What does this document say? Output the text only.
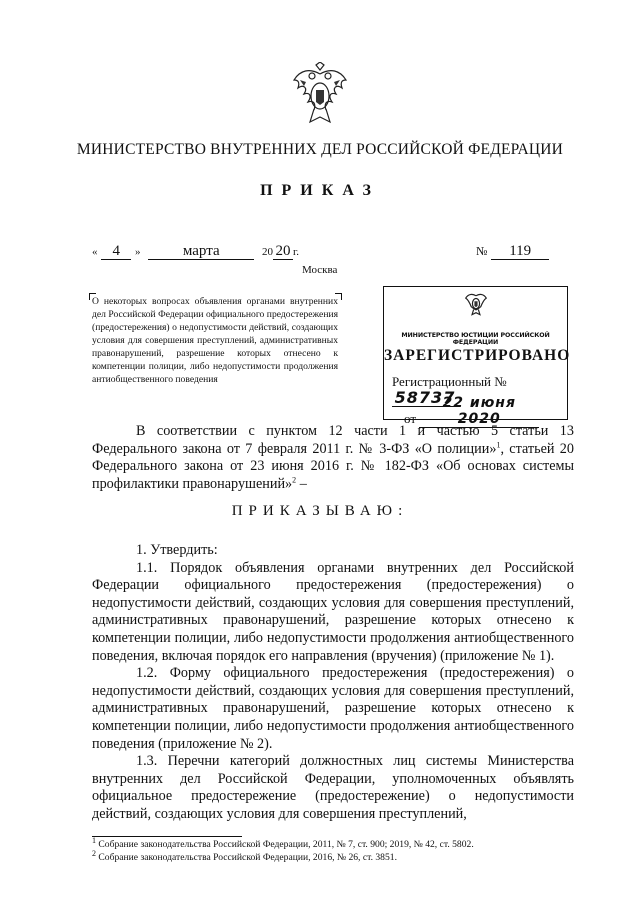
МИНИСТЕРСТВО ВНУТРЕННИХ ДЕЛ РОССИЙСКОЙ ФЕДЕРАЦИИ
ПРИКАЗ
« 4 »	марта	20 20 г.	№ 119
Москва
О некоторых вопросах объявления органами внутренних дел Российской Федерации официального предостережения (предостережения) о недопустимости действий, создающих условия для совершения преступлений, административных правонарушений, разрешение которых отнесено к компетенции полиции, либо недопустимости продолжения антиобщественного поведения
МИНИСТЕРСТВО ЮСТИЦИИ РОССИЙСКОЙ ФЕДЕРАЦИИ
ЗАРЕГИСТРИРОВАНО
Регистрационный № 58737
от 22 июня 2020
В соответствии с пунктом 12 части 1 и частью 5 статьи 13 Федерального закона от 7 февраля 2011 г. № 3-ФЗ «О полиции»$^1$, статьей 20 Федерального закона от 23 июня 2016 г. № 182-ФЗ «Об основах системы профилактики правонарушений»$^2$ –
ПРИКАЗЫВАЮ:

1. Утвердить:

1.1. Порядок объявления органами внутренних дел Российской Федерации официального предостережения (предостережения) о недопустимости действий, создающих условия для совершения преступлений, административных правонарушений, разрешение которых отнесено к компетенции полиции, либо недопустимости продолжения антиобщественного поведения, включая порядок его направления (вручения) (приложение № 1).

1.2. Форму официального предостережения (предостережения) о недопустимости действий, создающих условия для совершения преступлений, административных правонарушений, разрешение которых отнесено к компетенции полиции, либо недопустимости продолжения антиобщественного поведения (приложение № 2).

1.3. Перечни категорий должностных лиц системы Министерства внутренних дел Российской Федерации, уполномоченных объявлять официальное предостережение (предостережение) о недопустимости действий, создающих условия для совершения преступлений,

$^1$ Собрание законодательства Российской Федерации, 2011, № 7, ст. 900; 2019, № 42, ст. 5802.
$^2$ Собрание законодательства Российской Федерации, 2016, № 26, ст. 3851.
